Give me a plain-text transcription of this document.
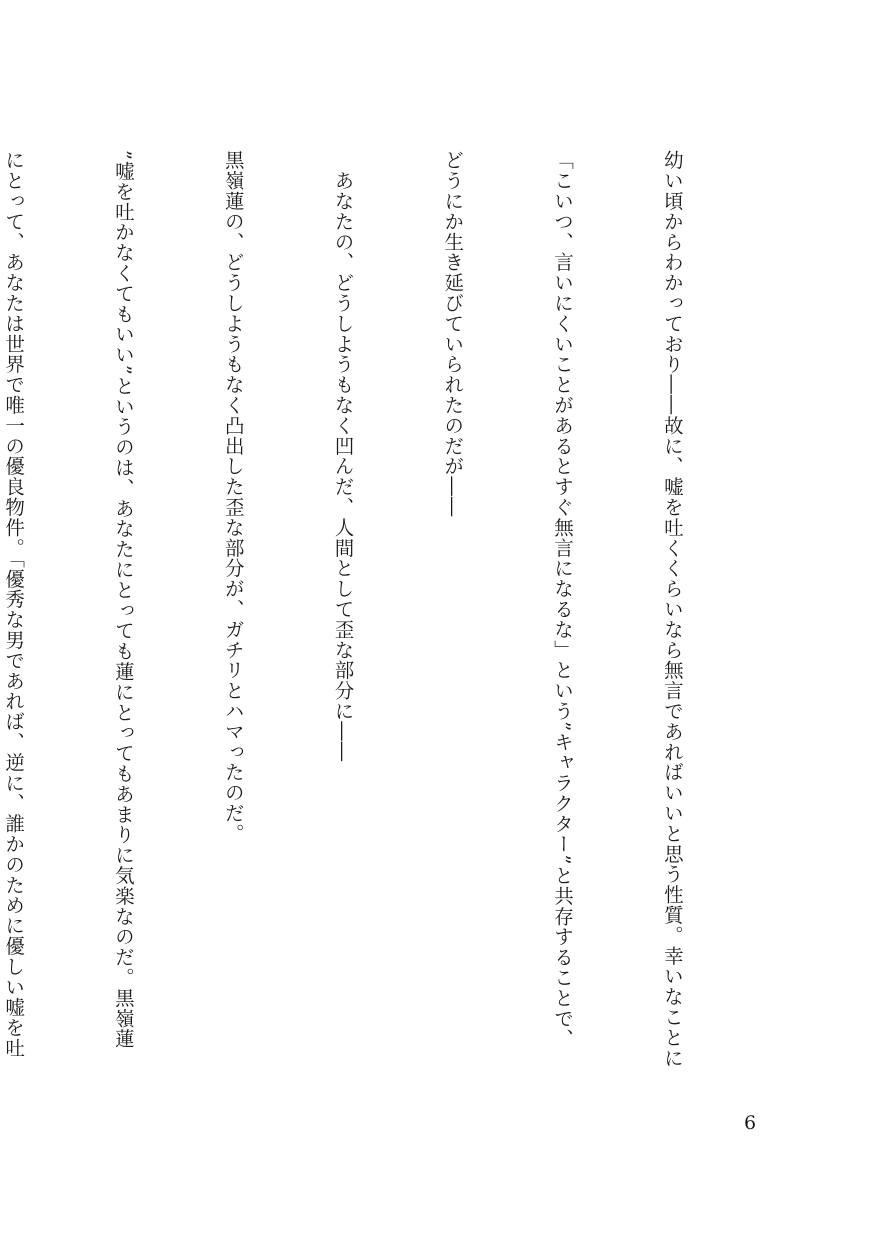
幼い頃からわかっており――故に、嘘を吐くくらいなら無言であればいいと思う性質。幸いなことに

「こいつ、言いにくいことがあるとすぐ無言になるな」という”キャラクター”と共存することで、

どうにか生き延びていられたのだが――

　あなたの、どうしようもなく凹んだ、人間として歪な部分に――

黒嶺蓮の、どうしようもなく凸出した歪な部分が、ガチリとハマったのだ。

”嘘を吐かなくてもいい”というのは、あなたにとっても蓮にとってもあまりに気楽なのだ。黒嶺蓮

にとって、あなたは世界で唯一の優良物件。「優秀な男であれば、逆に、誰かのために優しい嘘を吐

6
